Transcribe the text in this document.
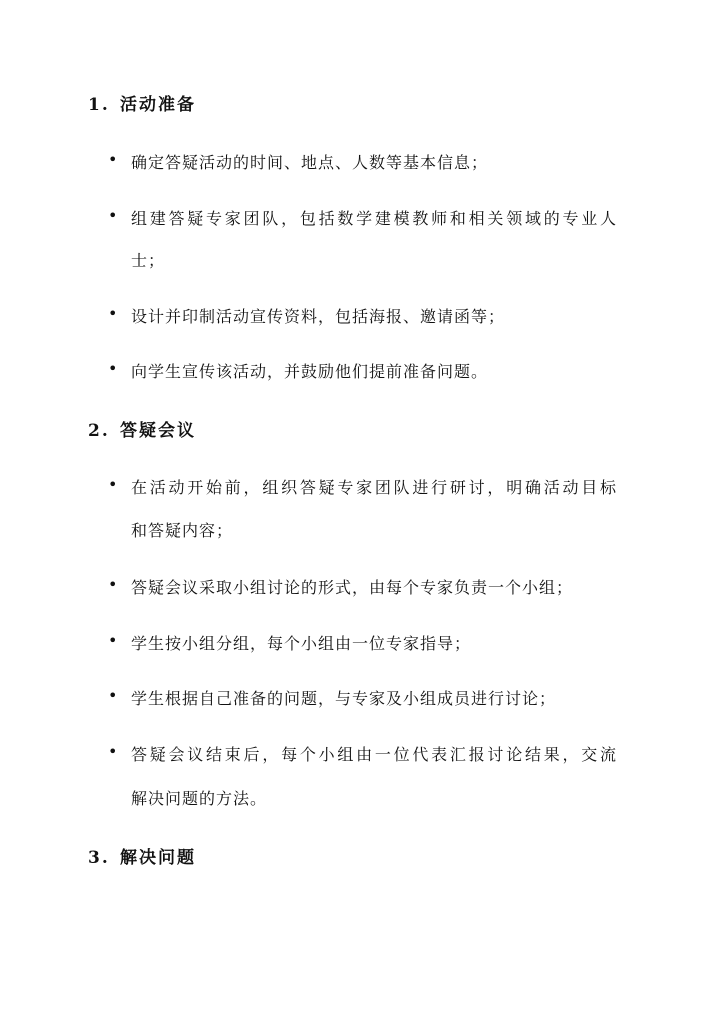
1. 活动准备
• 确定答疑活动的时间、地点、人数等基本信息；

• 组建答疑专家团队，包括数学建模教师和相关领域的专业人

士；

• 设计并印制活动宣传资料，包括海报、邀请函等；

• 向学生宣传该活动，并鼓励他们提前准备问题。

2. 答疑会议
• 在活动开始前，组织答疑专家团队进行研讨，明确活动目标

和答疑内容；

• 答疑会议采取小组讨论的形式，由每个专家负责一个小组；

• 学生按小组分组，每个小组由一位专家指导；

• 学生根据自己准备的问题，与专家及小组成员进行讨论；

• 答疑会议结束后，每个小组由一位代表汇报讨论结果，交流

解决问题的方法。

3. 解决问题
